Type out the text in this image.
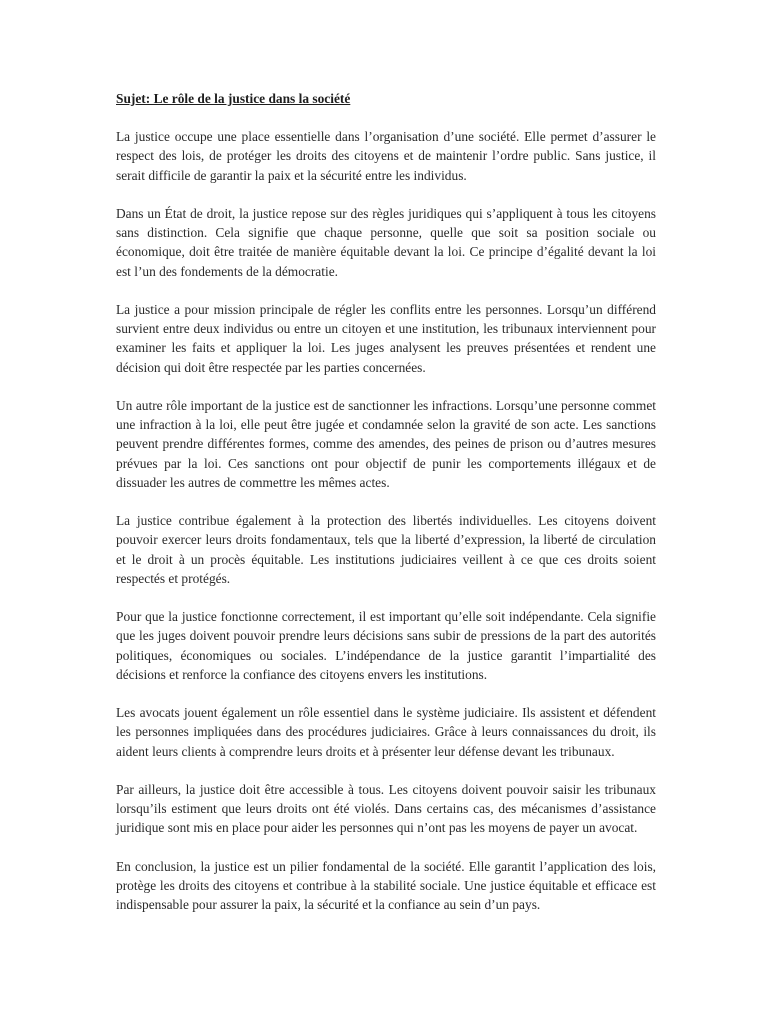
Sujet: Le rôle de la justice dans la société

La justice occupe une place essentielle dans l’organisation d’une société. Elle permet d’assurer le respect des lois, de protéger les droits des citoyens et de maintenir l’ordre public. Sans justice, il serait difficile de garantir la paix et la sécurité entre les individus.

Dans un État de droit, la justice repose sur des règles juridiques qui s’appliquent à tous les citoyens sans distinction. Cela signifie que chaque personne, quelle que soit sa position sociale ou économique, doit être traitée de manière équitable devant la loi. Ce principe d’égalité devant la loi est l’un des fondements de la démocratie.

La justice a pour mission principale de régler les conflits entre les personnes. Lorsqu’un différend survient entre deux individus ou entre un citoyen et une institution, les tribunaux interviennent pour examiner les faits et appliquer la loi. Les juges analysent les preuves présentées et rendent une décision qui doit être respectée par les parties concernées.

Un autre rôle important de la justice est de sanctionner les infractions. Lorsqu’une personne commet une infraction à la loi, elle peut être jugée et condamnée selon la gravité de son acte. Les sanctions peuvent prendre différentes formes, comme des amendes, des peines de prison ou d’autres mesures prévues par la loi. Ces sanctions ont pour objectif de punir les comportements illégaux et de dissuader les autres de commettre les mêmes actes.

La justice contribue également à la protection des libertés individuelles. Les citoyens doivent pouvoir exercer leurs droits fondamentaux, tels que la liberté d’expression, la liberté de circulation et le droit à un procès équitable. Les institutions judiciaires veillent à ce que ces droits soient respectés et protégés.

Pour que la justice fonctionne correctement, il est important qu’elle soit indépendante. Cela signifie que les juges doivent pouvoir prendre leurs décisions sans subir de pressions de la part des autorités politiques, économiques ou sociales. L’indépendance de la justice garantit l’impartialité des décisions et renforce la confiance des citoyens envers les institutions.

Les avocats jouent également un rôle essentiel dans le système judiciaire. Ils assistent et défendent les personnes impliquées dans des procédures judiciaires. Grâce à leurs connaissances du droit, ils aident leurs clients à comprendre leurs droits et à présenter leur défense devant les tribunaux.

Par ailleurs, la justice doit être accessible à tous. Les citoyens doivent pouvoir saisir les tribunaux lorsqu’ils estiment que leurs droits ont été violés. Dans certains cas, des mécanismes d’assistance juridique sont mis en place pour aider les personnes qui n’ont pas les moyens de payer un avocat.

En conclusion, la justice est un pilier fondamental de la société. Elle garantit l’application des lois, protège les droits des citoyens et contribue à la stabilité sociale. Une justice équitable et efficace est indispensable pour assurer la paix, la sécurité et la confiance au sein d’un pays.
